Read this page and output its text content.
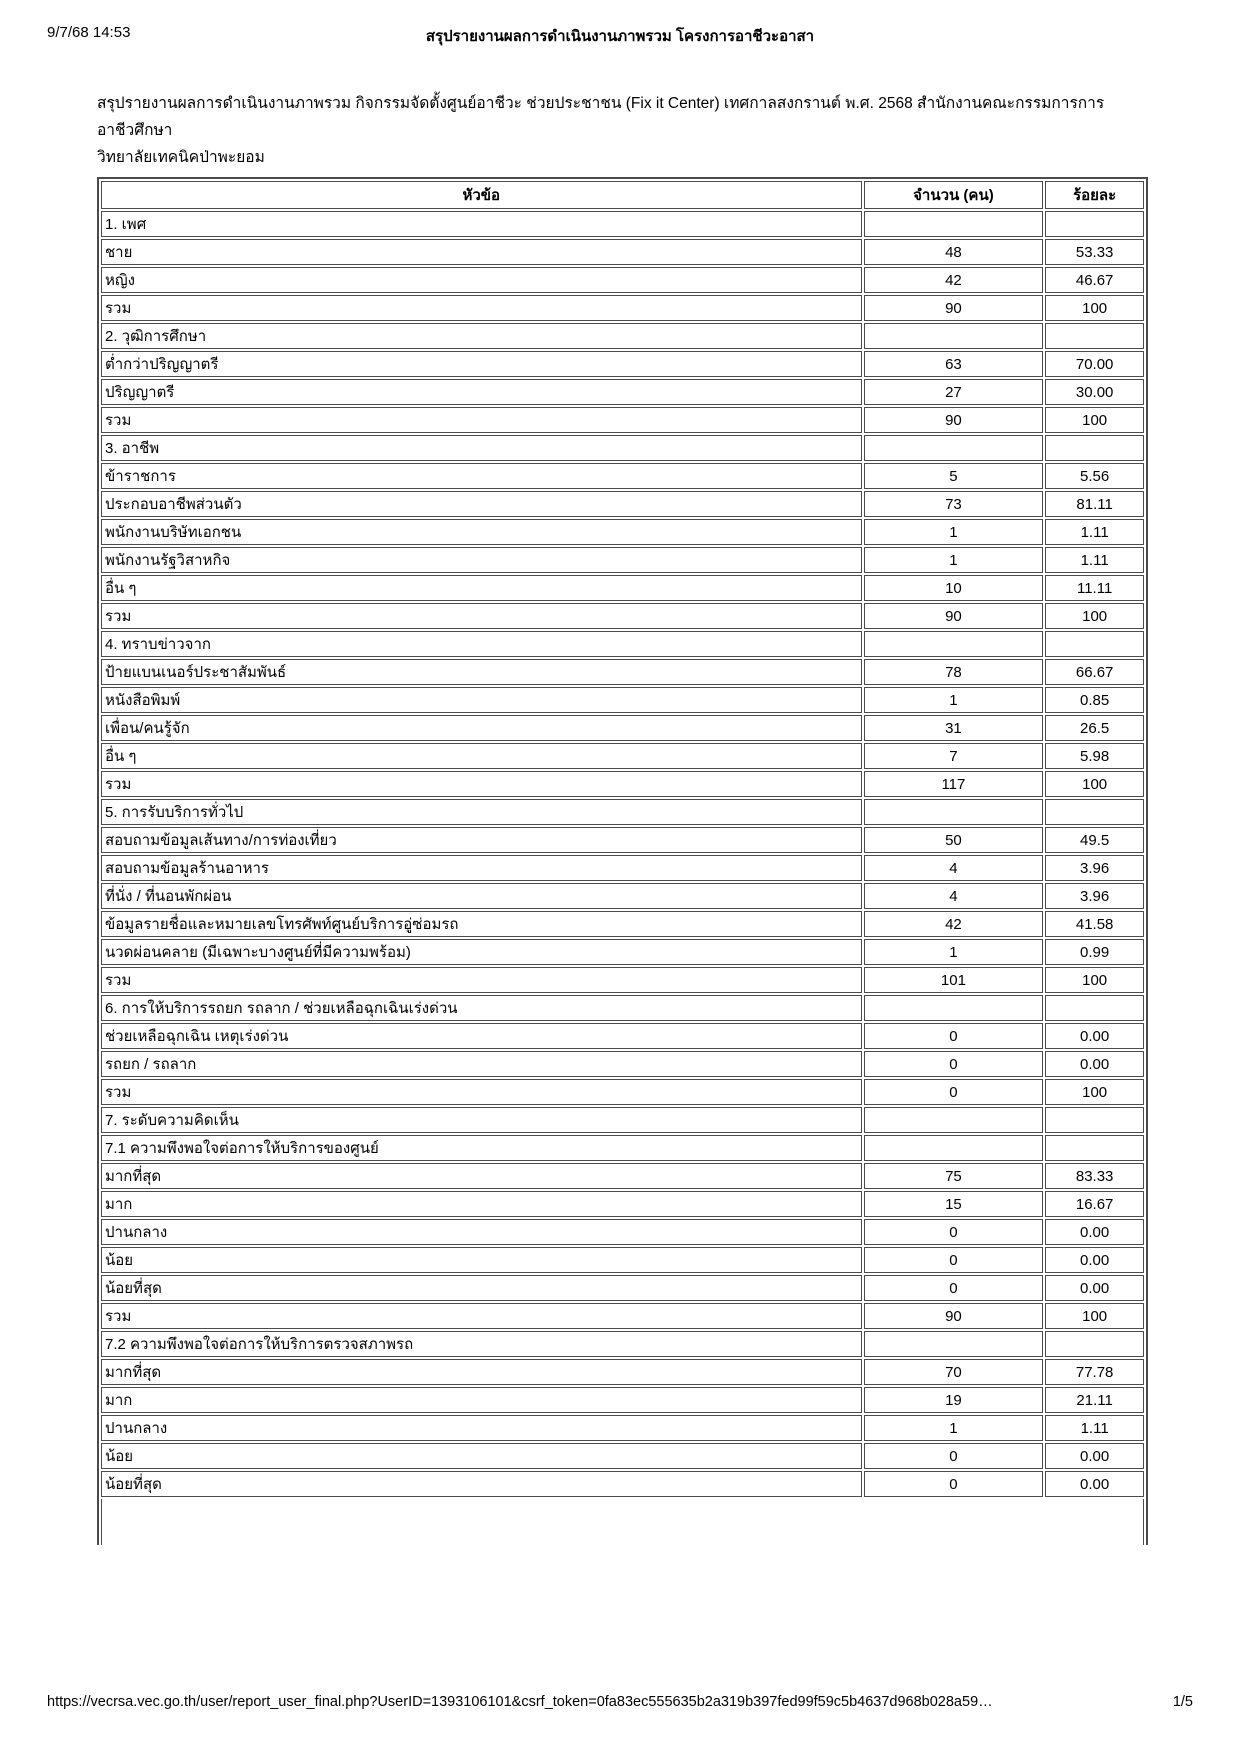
9/7/68 14:53	สรุปรายงานผลการดำเนินงานภาพรวม โครงการอาชีวะอาสา
สรุปรายงานผลการดำเนินงานภาพรวม กิจกรรมจัดตั้งศูนย์อาชีวะ ช่วยประชาชน (Fix it Center) เทศกาลสงกรานต์ พ.ศ. 2568 สำนักงานคณะกรรมการการอาชีวศึกษา
วิทยาลัยเทคนิคป่าพะยอม
หัวข้อ	จำนวน (คน)	ร้อยละ
1. เพศ		
ชาย	48	53.33
หญิง	42	46.67
รวม	90	100
2. วุฒิการศึกษา		
ต่ำกว่าปริญญาตรี	63	70.00
ปริญญาตรี	27	30.00
รวม	90	100
3. อาชีพ		
ข้าราชการ	5	5.56
ประกอบอาชีพส่วนตัว	73	81.11
พนักงานบริษัทเอกชน	1	1.11
พนักงานรัฐวิสาหกิจ	1	1.11
อื่น ๆ	10	11.11
รวม	90	100
4. ทราบข่าวจาก		
ป้ายแบนเนอร์ประชาสัมพันธ์	78	66.67
หนังสือพิมพ์	1	0.85
เพื่อน/คนรู้จัก	31	26.5
อื่น ๆ	7	5.98
รวม	117	100
5. การรับบริการทั่วไป		
สอบถามข้อมูลเส้นทาง/การท่องเที่ยว	50	49.5
สอบถามข้อมูลร้านอาหาร	4	3.96
ที่นั่ง / ที่นอนพักผ่อน	4	3.96
ข้อมูลรายชื่อและหมายเลขโทรศัพท์ศูนย์บริการอู่ซ่อมรถ	42	41.58
นวดผ่อนคลาย (มีเฉพาะบางศูนย์ที่มีความพร้อม)	1	0.99
รวม	101	100
6. การให้บริการรถยก รถลาก / ช่วยเหลือฉุกเฉินเร่งด่วน		
ช่วยเหลือฉุกเฉิน เหตุเร่งด่วน	0	0.00
รถยก / รถลาก	0	0.00
รวม	0	100
7. ระดับความคิดเห็น		
7.1 ความพึงพอใจต่อการให้บริการของศูนย์		
มากที่สุด	75	83.33
มาก	15	16.67
ปานกลาง	0	0.00
น้อย	0	0.00
น้อยที่สุด	0	0.00
รวม	90	100
7.2 ความพึงพอใจต่อการให้บริการตรวจสภาพรถ		
มากที่สุด	70	77.78
มาก	19	21.11
ปานกลาง	1	1.11
น้อย	0	0.00
น้อยที่สุด	0	0.00
https://vecrsa.vec.go.th/user/report_user_final.php?UserID=1393106101&csrf_token=0fa83ec555635b2a319b397fed99f59c5b4637d968b028a59…	1/5
